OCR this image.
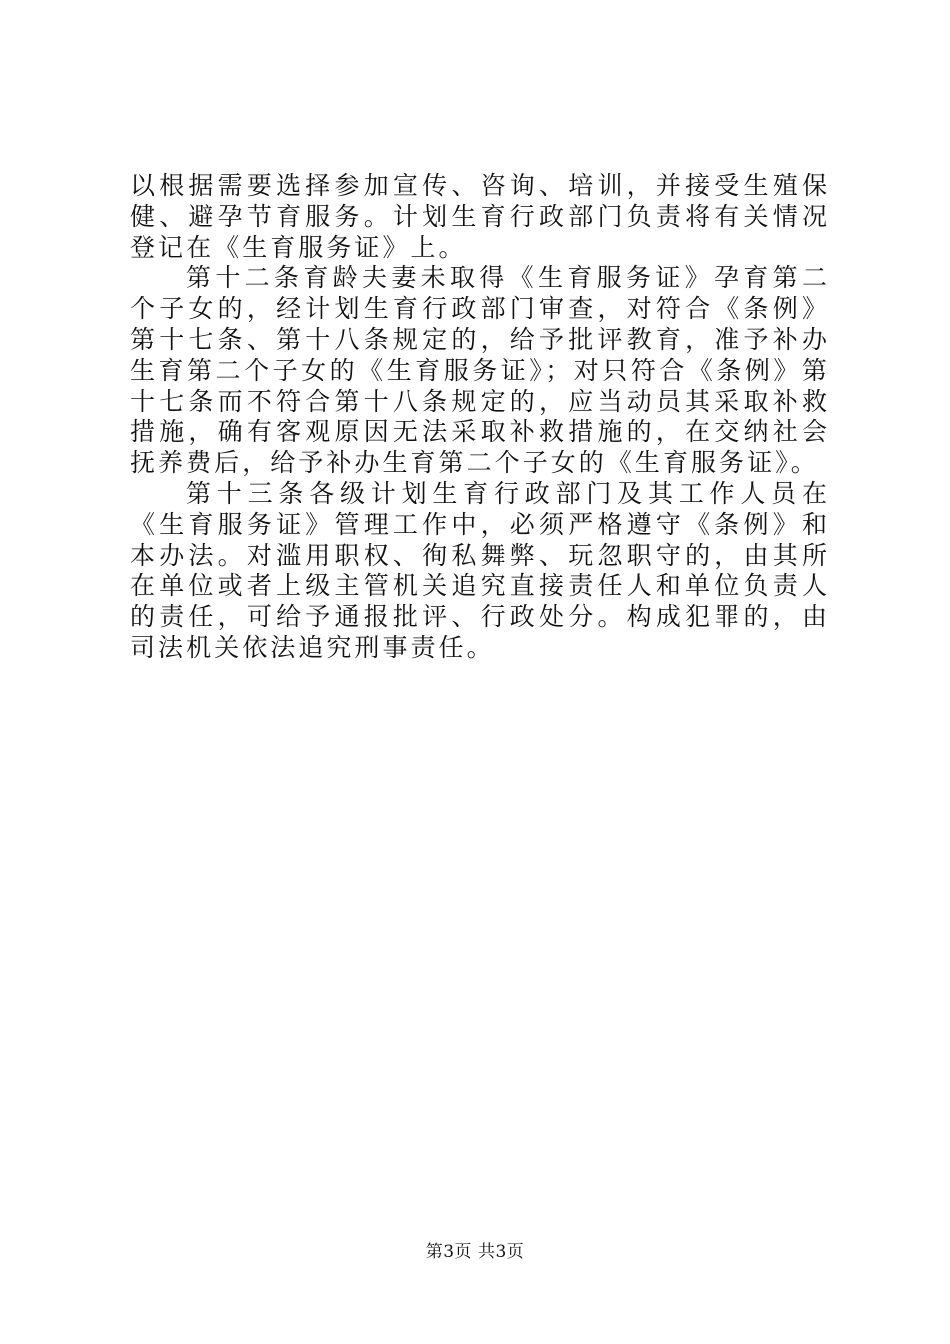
以根据需要选择参加宣传、咨询、培训，并接受生殖保健、避孕节育服务。计划生育行政部门负责将有关情况登记在《生育服务证》上。

第十二条育龄夫妻未取得《生育服务证》孕育第二个子女的，经计划生育行政部门审查，对符合《条例》第十七条、第十八条规定的，给予批评教育，准予补办生育第二个子女的《生育服务证》；对只符合《条例》第十七条而不符合第十八条规定的，应当动员其采取补救措施，确有客观原因无法采取补救措施的，在交纳社会抚养费后，给予补办生育第二个子女的《生育服务证》。

第十三条各级计划生育行政部门及其工作人员在《生育服务证》管理工作中，必须严格遵守《条例》和本办法。对滥用职权、徇私舞弊、玩忽职守的，由其所在单位或者上级主管机关追究直接责任人和单位负责人的责任，可给予通报批评、行政处分。构成犯罪的，由司法机关依法追究刑事责任。

第3页 共3页
